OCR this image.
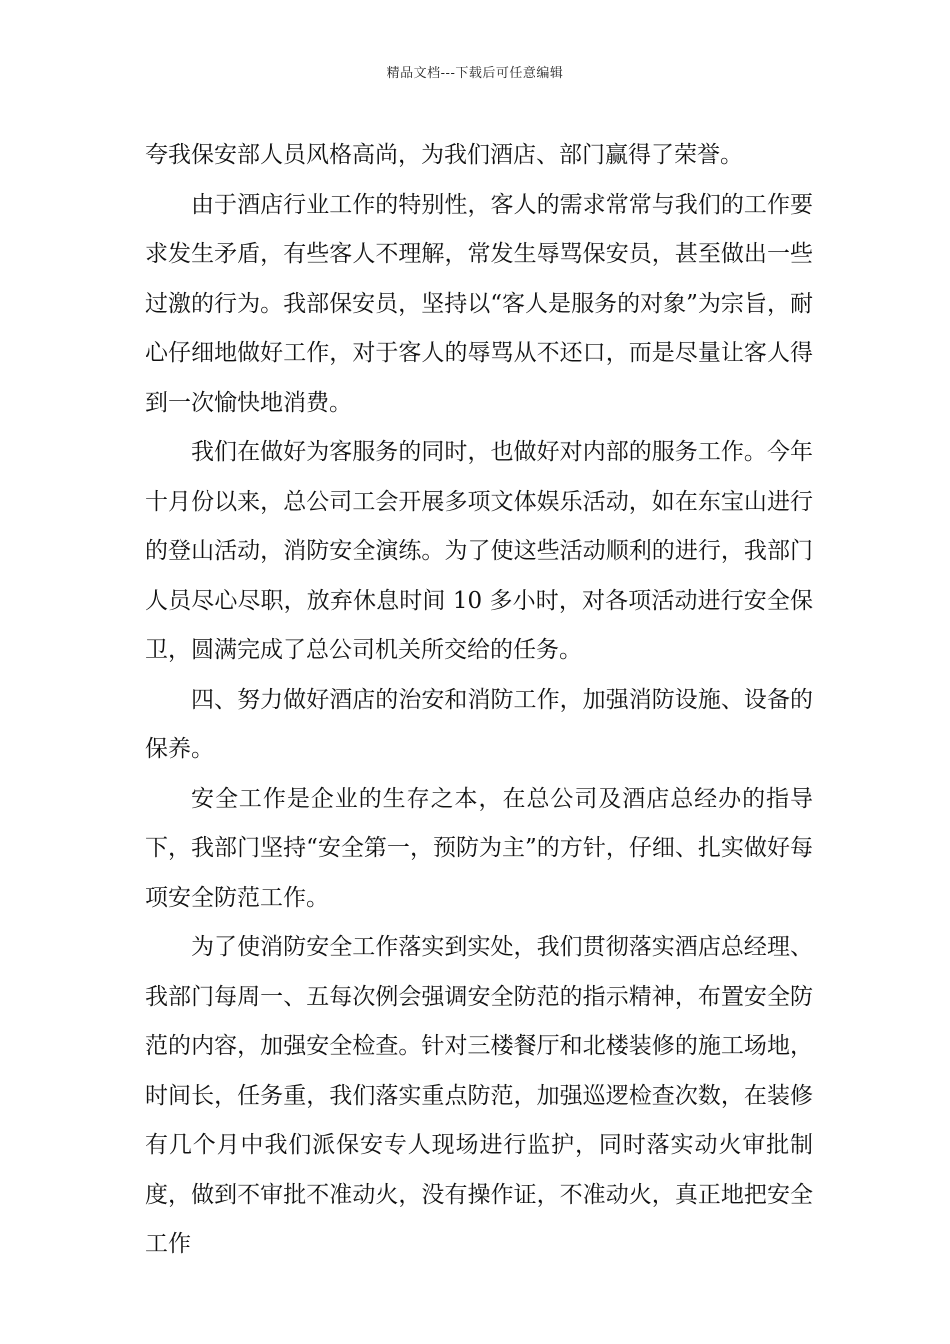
精品文档---下载后可任意编辑

夸我保安部人员风格高尚，为我们酒店、部门赢得了荣誉。

由于酒店行业工作的特别性，客人的需求常常与我们的工作要求发生矛盾，有些客人不理解，常发生辱骂保安员，甚至做出一些过激的行为。我部保安员，坚持以“客人是服务的对象”为宗旨，耐心仔细地做好工作，对于客人的辱骂从不还口，而是尽量让客人得到一次愉快地消费。

我们在做好为客服务的同时，也做好对内部的服务工作。今年十月份以来，总公司工会开展多项文体娱乐活动，如在东宝山进行的登山活动，消防安全演练。为了使这些活动顺利的进行，我部门人员尽心尽职，放弃休息时间 10 多小时，对各项活动进行安全保卫，圆满完成了总公司机关所交给的任务。

四、努力做好酒店的治安和消防工作，加强消防设施、设备的保养。

安全工作是企业的生存之本，在总公司及酒店总经办的指导下，我部门坚持“安全第一，预防为主”的方针，仔细、扎实做好每项安全防范工作。

为了使消防安全工作落实到实处，我们贯彻落实酒店总经理、我部门每周一、五每次例会强调安全防范的指示精神，布置安全防范的内容，加强安全检查。针对三楼餐厅和北楼装修的施工场地，时间长，任务重，我们落实重点防范，加强巡逻检查次数，在装修有几个月中我们派保安专人现场进行监护，同时落实动火审批制度，做到不审批不准动火，没有操作证，不准动火，真正地把安全工作
